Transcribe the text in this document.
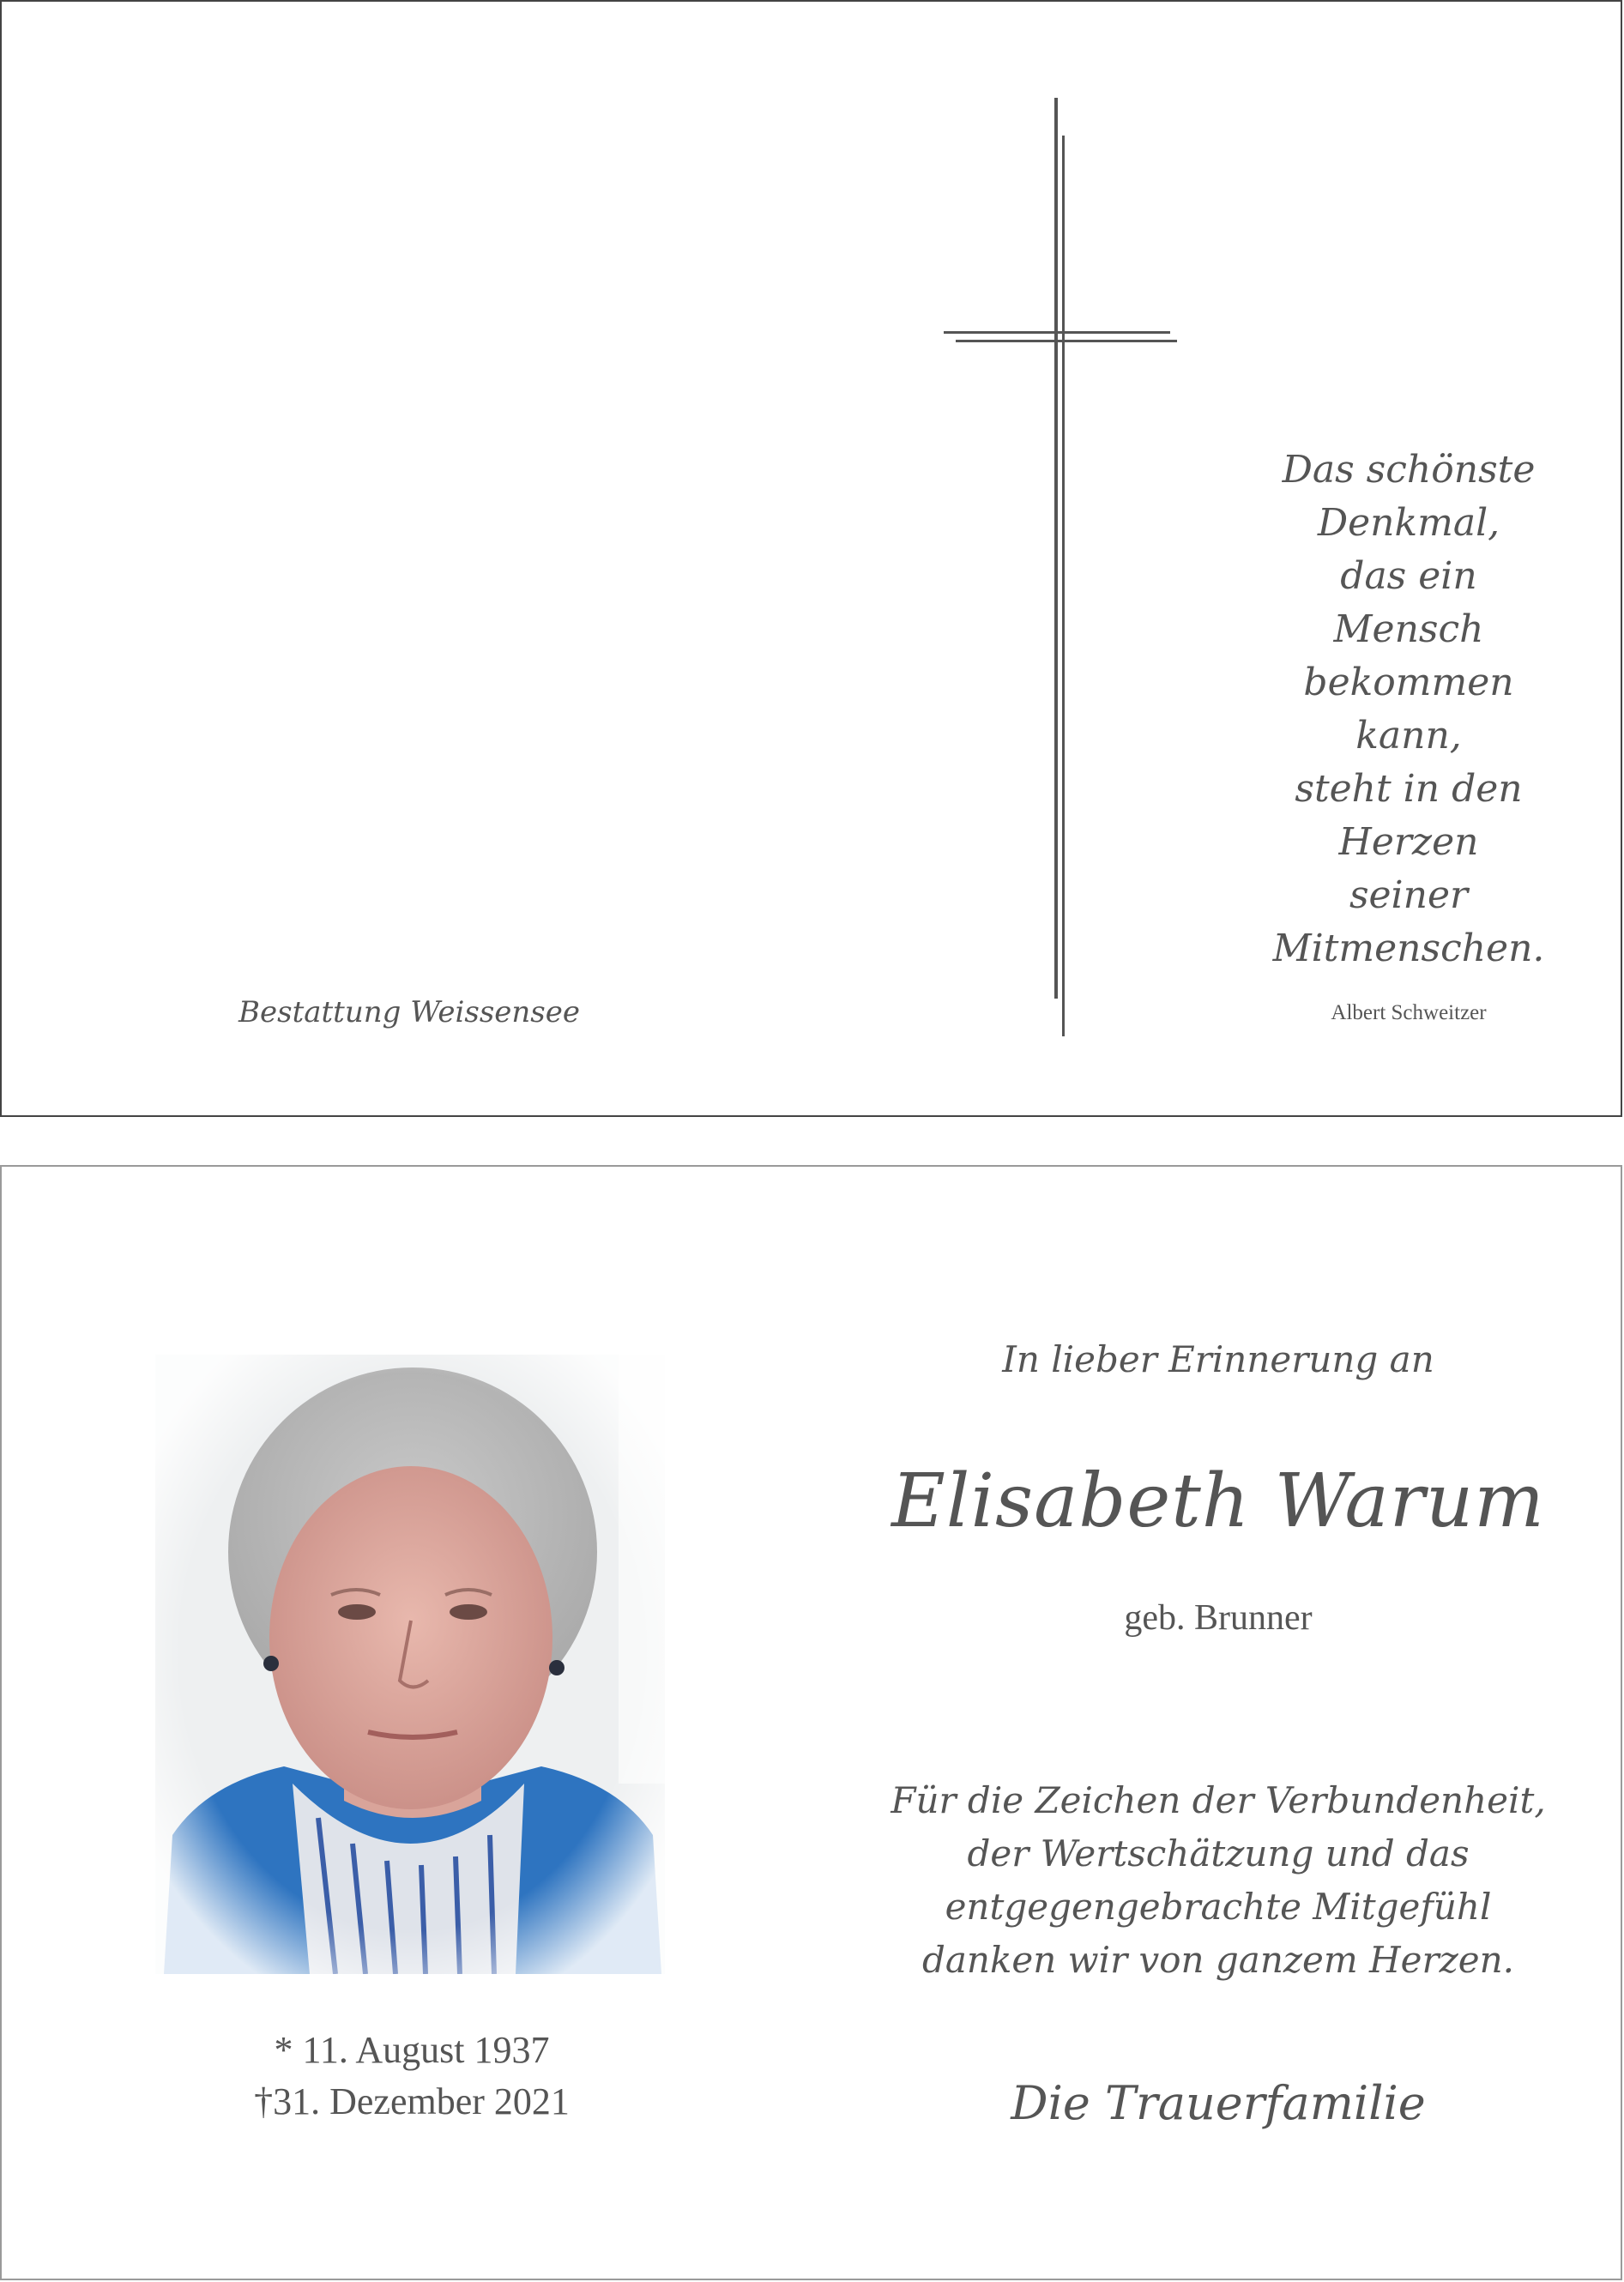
Das schönste
Denkmal,
das ein
Mensch
bekommen
kann,
steht in den
Herzen
seiner
Mitmenschen.
Albert Schweitzer
Bestattung Weissensee
* 11. August 1937
†31. Dezember 2021
In lieber Erinnerung an
Elisabeth Warum
geb. Brunner
Für die Zeichen der Verbundenheit,
der Wertschätzung und das
entgegengebrachte Mitgefühl
danken wir von ganzem Herzen.
Die Trauerfamilie
